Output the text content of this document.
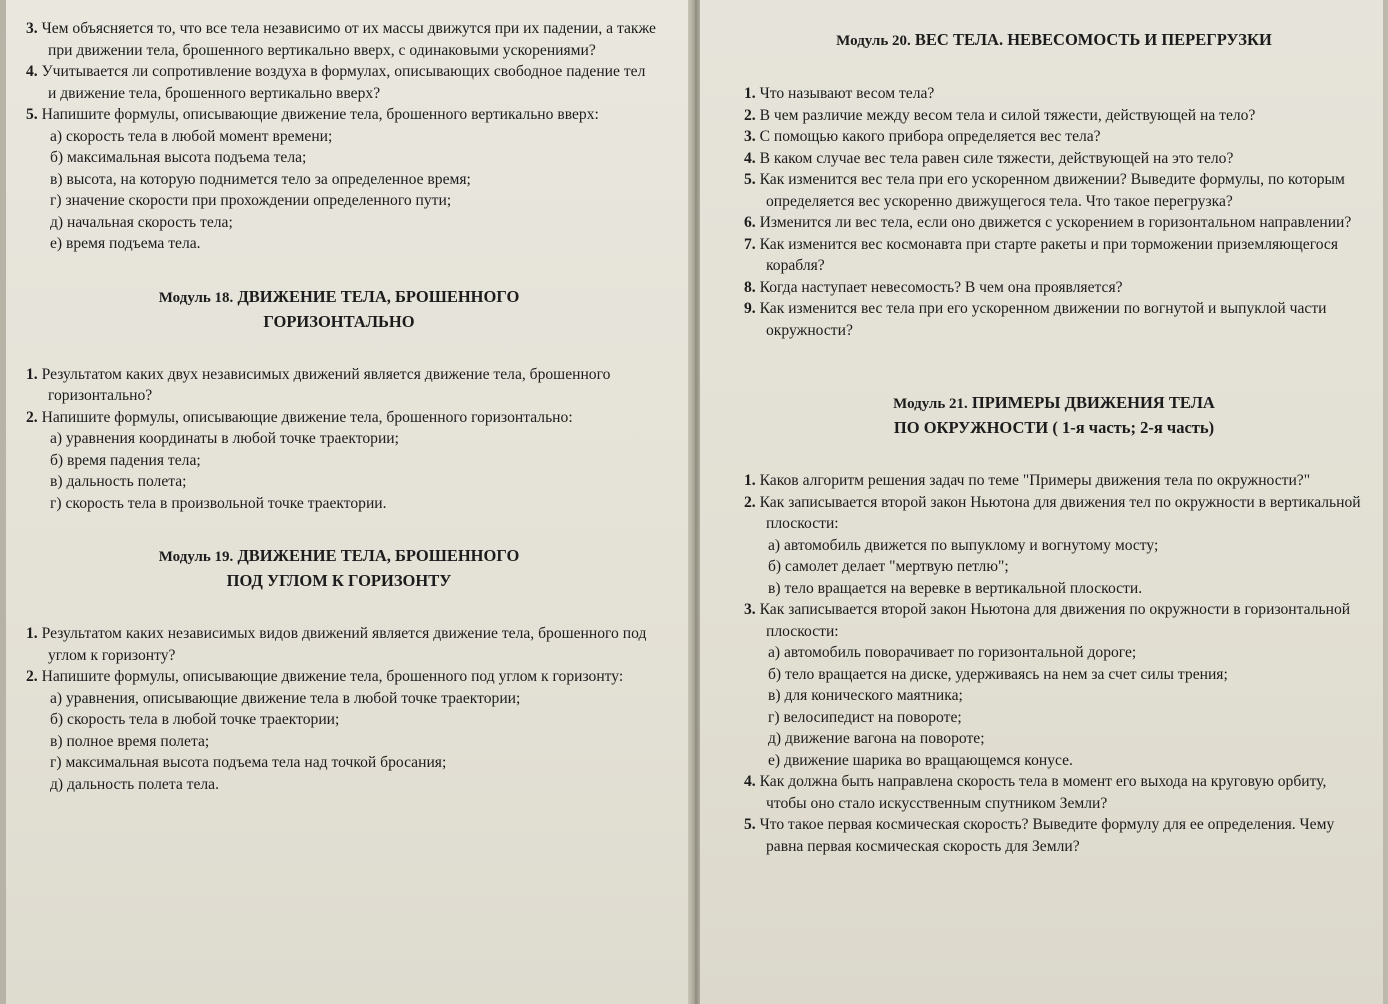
3. Чем объясняется то, что все тела независимо от их массы движутся при их падении, а также при движении тела, брошенного вертикально вверх, с одинаковыми ускорениями?

4. Учитывается ли сопротивление воздуха в формулах, описывающих свободное падение тел и движение тела, брошенного вертикально вверх?

5. Напишите формулы, описывающие движение тела, брошенного вертикально вверх:

а) скорость тела в любой момент времени;

б) максимальная высота подъема тела;

в) высота, на которую поднимется тело за определенное время;

г) значение скорости при прохождении определенного пути;

д) начальная скорость тела;

е) время подъема тела.

Модуль 18. ДВИЖЕНИЕ ТЕЛА, БРОШЕННОГО
ГОРИЗОНТАЛЬНО

1. Результатом каких двух независимых движений является движение тела, брошенного горизонтально?

2. Напишите формулы, описывающие движение тела, брошенного горизонтально:

а) уравнения координаты в любой точке траектории;

б) время падения тела;

в) дальность полета;

г) скорость тела в произвольной точке траектории.

Модуль 19. ДВИЖЕНИЕ ТЕЛА, БРОШЕННОГО
ПОД УГЛОМ К ГОРИЗОНТУ

1. Результатом каких независимых видов движений является движение тела, брошенного под углом к горизонту?

2. Напишите формулы, описывающие движение тела, брошенного под углом к горизонту:

а) уравнения, описывающие движение тела в любой точке траектории;

б) скорость тела в любой точке траектории;

в) полное время полета;

г) максимальная высота подъема тела над точкой бросания;

д) дальность полета тела.

Модуль 20. ВЕС ТЕЛА. НЕВЕСОМОСТЬ И ПЕРЕГРУЗКИ

1. Что называют весом тела?

2. В чем различие между весом тела и силой тяжести, действующей на тело?

3. С помощью какого прибора определяется вес тела?

4. В каком случае вес тела равен силе тяжести, действующей на это тело?

5. Как изменится вес тела при его ускоренном движении? Выведите формулы, по которым определяется вес ускоренно движущегося тела. Что такое перегрузка?

6. Изменится ли вес тела, если оно движется с ускорением в горизонтальном направлении?

7. Как изменится вес космонавта при старте ракеты и при торможении приземляющегося корабля?

8. Когда наступает невесомость? В чем она проявляется?

9. Как изменится вес тела при его ускоренном движении по вогнутой и выпуклой части окружности?

Модуль 21. ПРИМЕРЫ ДВИЖЕНИЯ ТЕЛА
ПО ОКРУЖНОСТИ ( 1-я часть; 2-я часть)

1. Каков алгоритм решения задач по теме "Примеры движения тела по окружности?"

2. Как записывается второй закон Ньютона для движения тел по окружности в вертикальной плоскости:

а) автомобиль движется по выпуклому и вогнутому мосту;

б) самолет делает "мертвую петлю";

в) тело вращается на веревке в вертикальной плоскости.

3. Как записывается второй закон Ньютона для движения по окружности в горизонтальной плоскости:

а) автомобиль поворачивает по горизонтальной дороге;

б) тело вращается на диске, удерживаясь на нем за счет силы трения;

в) для конического маятника;

г) велосипедист на повороте;

д) движение вагона на повороте;

е) движение шарика во вращающемся конусе.

4. Как должна быть направлена скорость тела в момент его выхода на круговую орбиту, чтобы оно стало искусственным спутником Земли?

5. Что такое первая космическая скорость? Выведите формулу для ее определения. Чему равна первая космическая скорость для Земли?
